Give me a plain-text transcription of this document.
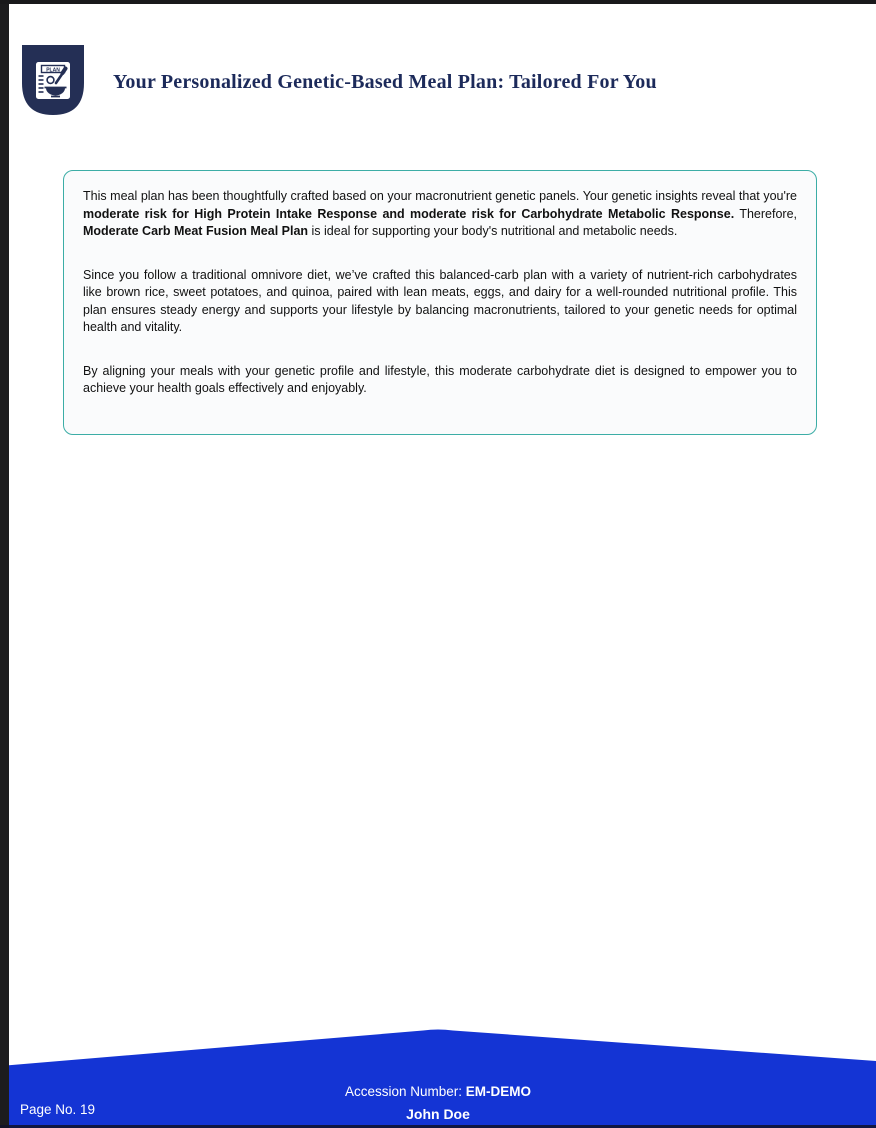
PLAN
Your Personalized Genetic-Based Meal Plan: Tailored For You

This meal plan has been thoughtfully crafted based on your macronutrient genetic panels. Your genetic insights reveal that you're moderate risk for High Protein Intake Response and moderate risk for Carbohydrate Metabolic Response. Therefore, Moderate Carb Meat Fusion Meal Plan is ideal for supporting your body's nutritional and metabolic needs.

Since you follow a traditional omnivore diet, we’ve crafted this balanced-carb plan with a variety of nutrient-rich carbohydrates like brown rice, sweet potatoes, and quinoa, paired with lean meats, eggs, and dairy for a well-rounded nutritional profile. This plan ensures steady energy and supports your lifestyle by balancing macronutrients, tailored to your genetic needs for optimal health and vitality.

By aligning your meals with your genetic profile and lifestyle, this moderate carbohydrate diet is designed to empower you to achieve your health goals effectively and enjoyably.

Accession Number: EM-DEMO
John Doe
Page No. 19
